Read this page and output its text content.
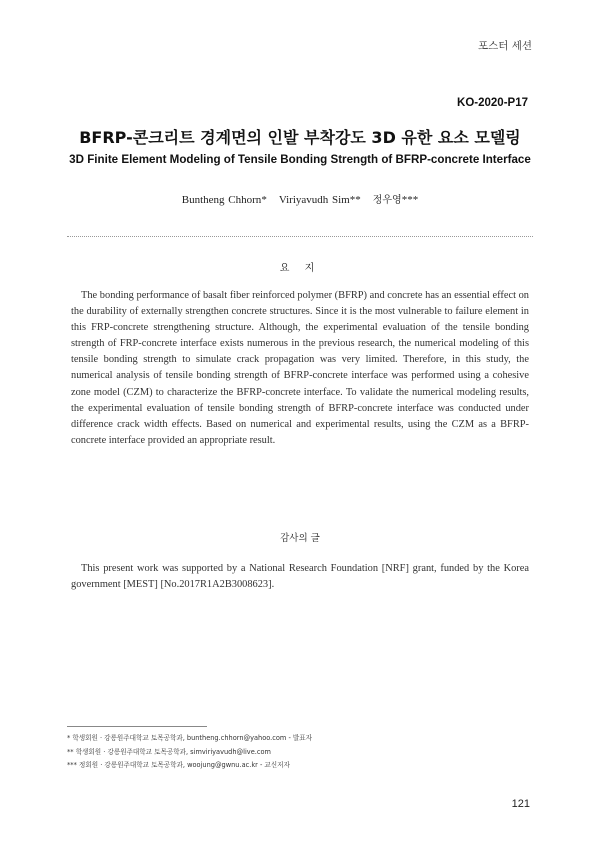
포스터 세션
KO-2020-P17
BFRP-콘크리트 경계면의 인발 부착강도 3D 유한 요소 모델링
3D Finite Element Modeling of Tensile Bonding Strength of BFRP-concrete Interface
Buntheng Chhorn* Viriyavudh Sim** 정우영***
요 지

The bonding performance of basalt fiber reinforced polymer (BFRP) and concrete has an essential effect on the durability of externally strengthen concrete structures. Since it is the most vulnerable to failure element in this FRP-concrete strengthening structure. Although, the experimental evaluation of the tensile bonding strength of FRP-concrete interface exists numerous in the previous research, the numerical modeling of this tensile bonding strength to simulate crack propagation was very limited. Therefore, in this study, the numerical analysis of tensile bonding strength of BFRP-concrete interface was performed using a cohesive zone model (CZM) to characterize the BFRP-concrete interface. To validate the numerical modeling results, the experimental evaluation of tensile bonding strength of BFRP-concrete interface was conducted under difference crack width effects. Based on numerical and experimental results, using the CZM as a BFRP-concrete interface provided an appropriate result.

감사의 글

This present work was supported by a National Research Foundation [NRF] grant, funded by the Korea government [MEST] [No.2017R1A2B3008623].

* 학생회원 · 강릉원주대학교 토목공학과, buntheng.chhorn@yahoo.com - 발표자
** 학생회원 · 강릉원주대학교 토목공학과, simviriyavudh@live.com
*** 정회원 · 강릉원주대학교 토목공학과, woojung@gwnu.ac.kr - 교신저자
121
